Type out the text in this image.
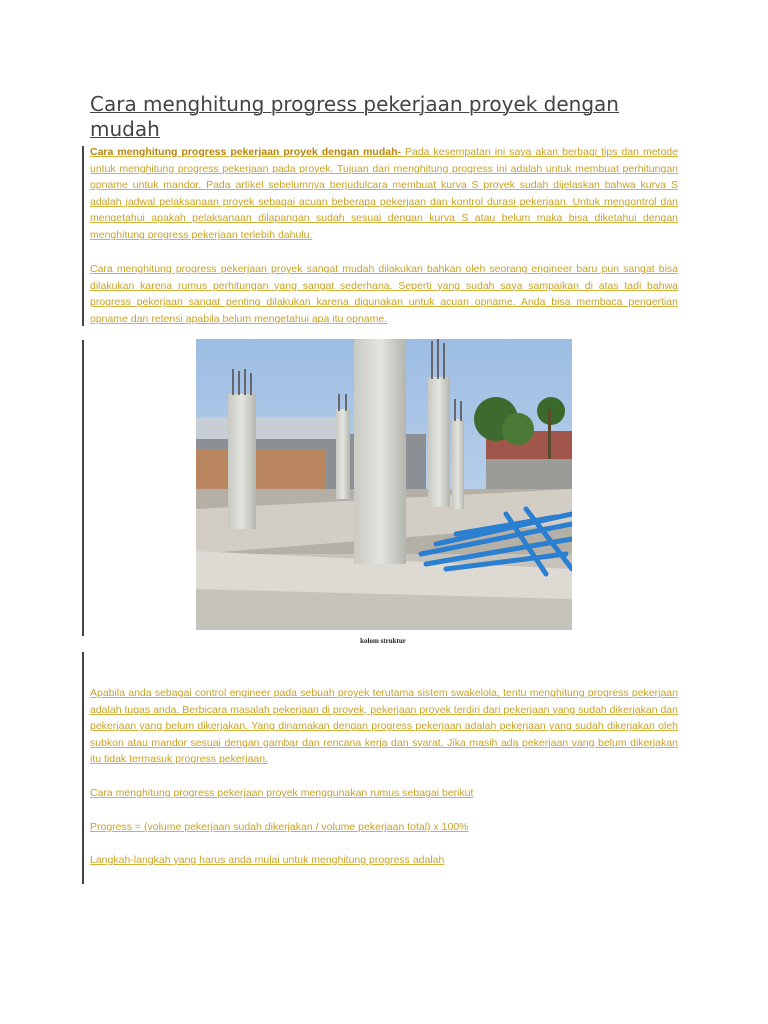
Cara menghitung progress pekerjaan proyek dengan mudah
Cara menghitung progress pekerjaan proyek dengan mudah- Pada kesempatan ini saya akan berbagi tips dan metode untuk menghitung progress pekerjaan pada proyek. Tujuan dari menghitung progress ini adalah untuk membuat perhitungan opname untuk mandor. Pada artikel sebelumnya berjudulcara membuat kurva S proyek sudah dijelaskan bahwa kurva S adalah jadwal pelaksanaan proyek sebagai acuan beberapa pekerjaan dan kontrol durasi pekerjaan. Untuk mengontrol dan mengetahui apakah pelaksanaan dilapangan sudah sesuai dengan kurva S atau belum maka bisa diketahui dengan menghitung progress pekerjaan terlebih dahulu.
Cara menghitung progress pekerjaan proyek sangat mudah dilakukan bahkan oleh seorang engineer baru pun sangat bisa dilakukan karena rumus perhitungan yang sangat sederhana. Seperti yang sudah saya sampaikan di atas tadi bahwa progress pekerjaan sangat penting dilakukan karena digunakan untuk acuan opname. Anda bisa membaca pengertian opname dan retensi apabila belum mengetahui apa itu opname.
kolom struktur
Apabila anda sebagai control engineer pada sebuah proyek terutama sistem swakelola, tentu menghitung progress pekerjaan adalah tugas anda. Berbicara masalah pekerjaan di proyek, pekerjaan proyek terdiri dari pekerjaan yang sudah dikerjakan dan pekerjaan yang belum dikerjakan. Yang dinamakan dengan progress pekerjaan adalah pekerjaan yang sudah dikerjakan oleh subkon atau mandor sesuai dengan gambar dan rencana kerja dan syarat. Jika masih ada pekerjaan yang belum dikerjakan itu tidak termasuk progress pekerjaan.
Cara menghitung progress pekerjaan proyek menggunakan rumus sebagai berikut
Progress = (volume pekerjaan sudah dikerjakan / volume pekerjaan total) x 100%
Langkah-langkah yang harus anda mulai untuk menghitung progress adalah
